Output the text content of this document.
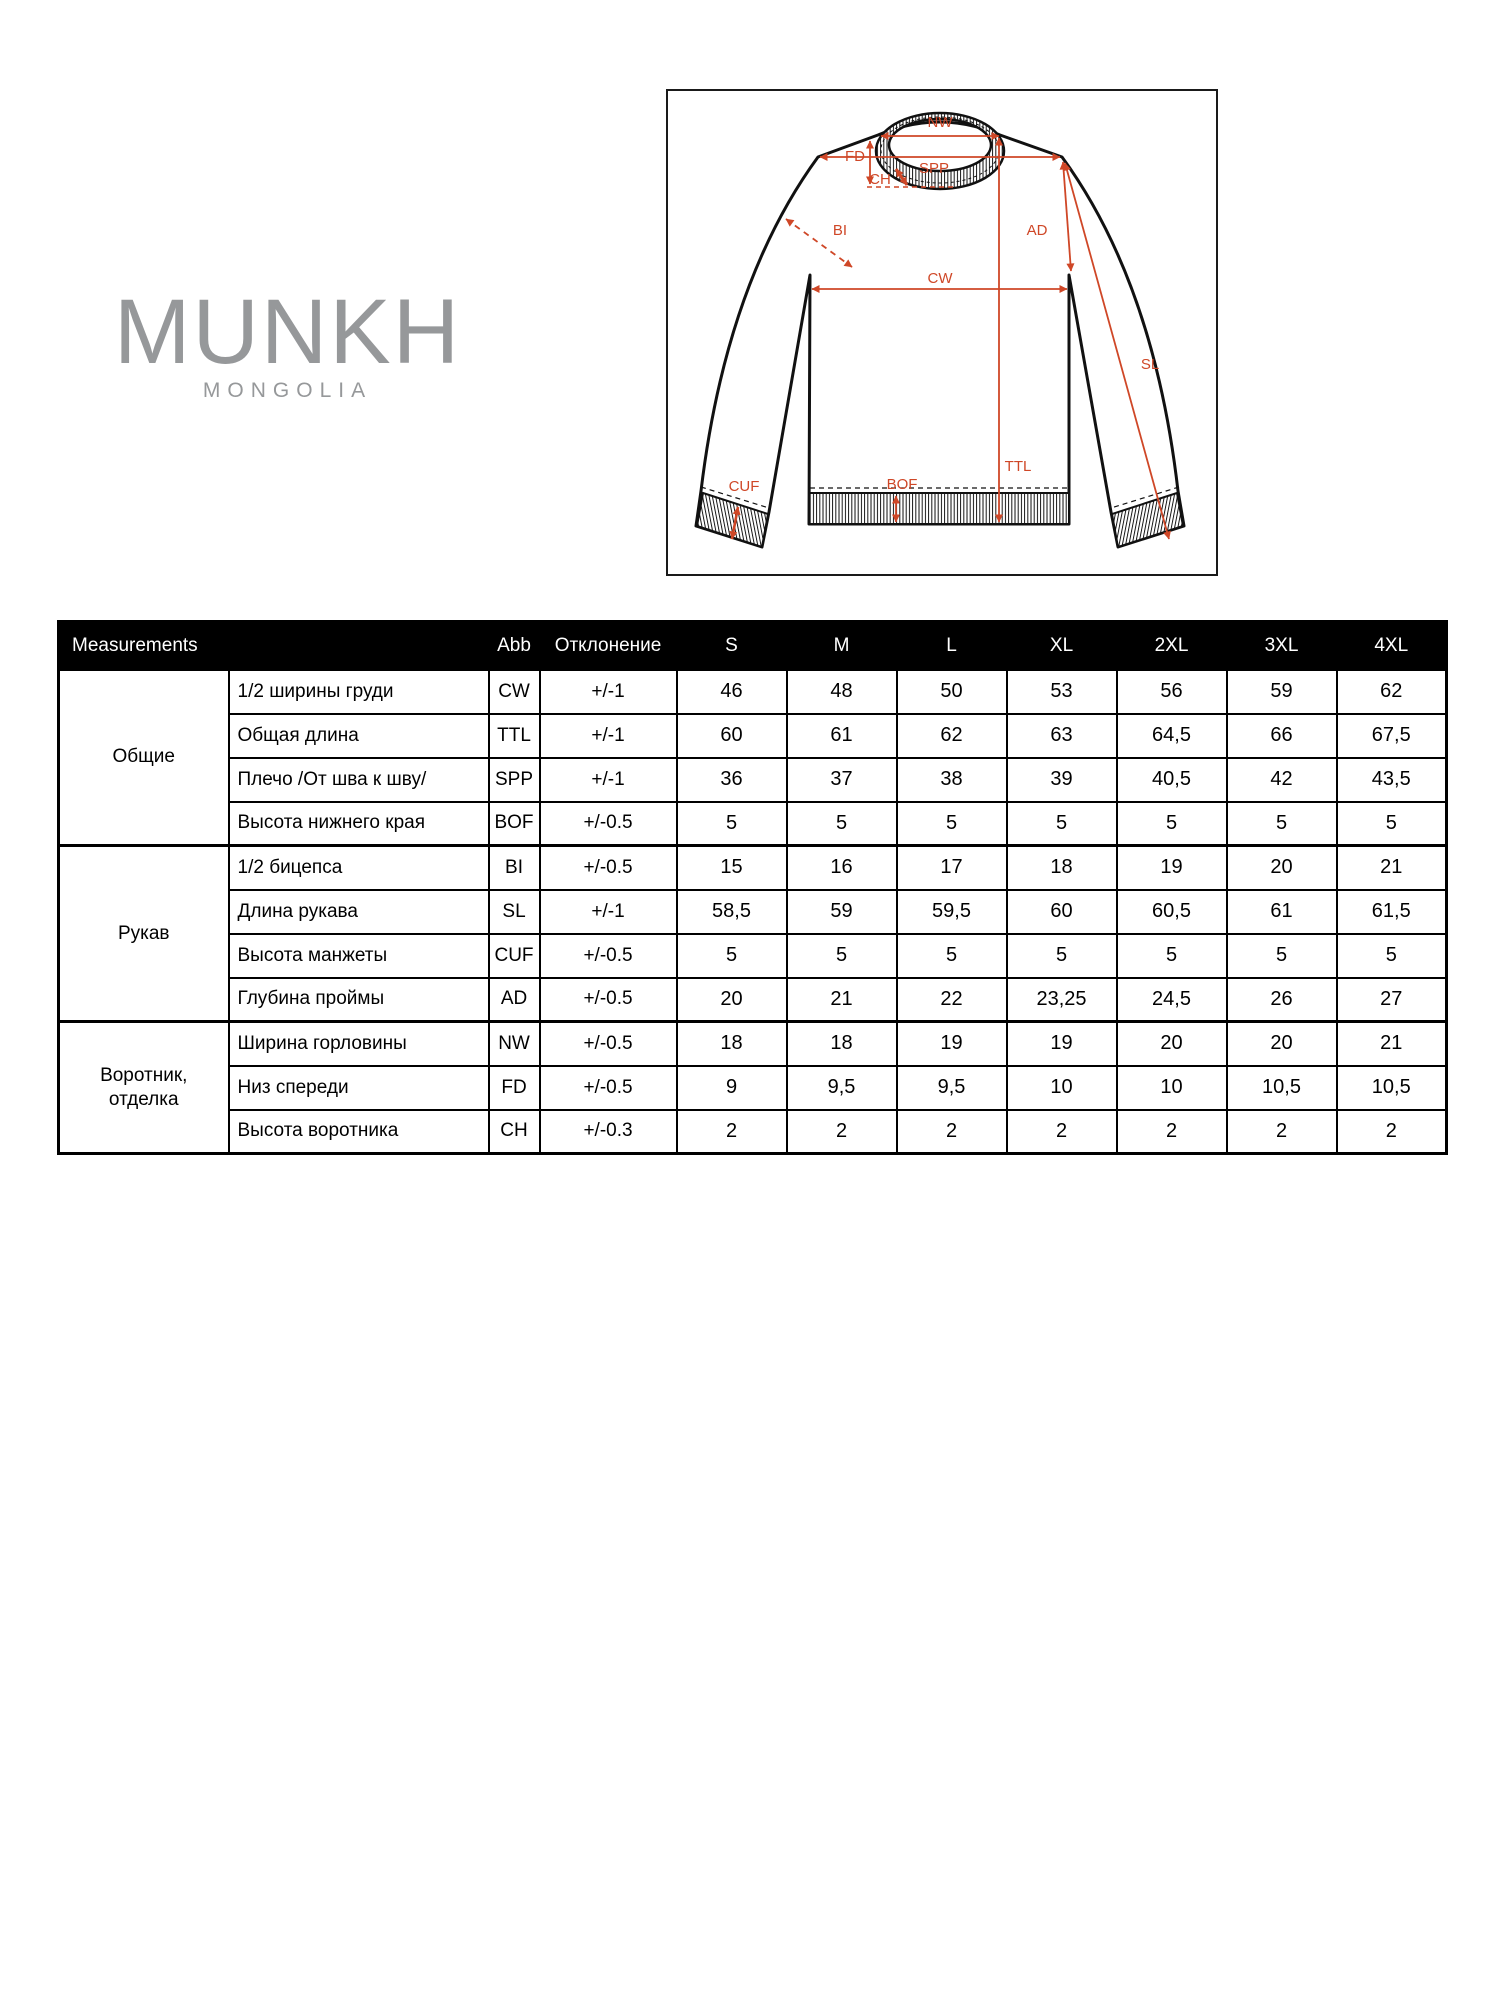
MUNKH
MONGOLIA
NW
FD
SPP
CH
BI	AD
CW
SL
TTL
BOF
CUF
Measurements		Abb	Отклонение	S	M	L	XL	2XL	3XL	4XL
Общие	1/2 ширины груди	CW	+/-1	46	48	50	53	56	59	62
	Общая длина	TTL	+/-1	60	61	62	63	64,5	66	67,5
	Плечо /От шва к шву/	SPP	+/-1	36	37	38	39	40,5	42	43,5
	Высота нижнего края	BOF	+/-0.5	5	5	5	5	5	5	5
Рукав	1/2 бицепса	BI	+/-0.5	15	16	17	18	19	20	21
	Длина рукава	SL	+/-1	58,5	59	59,5	60	60,5	61	61,5
	Высота манжеты	CUF	+/-0.5	5	5	5	5	5	5	5
	Глубина проймы	AD	+/-0.5	20	21	22	23,25	24,5	26	27
Воротник, отделка	Ширина горловины	NW	+/-0.5	18	18	19	19	20	20	21
	Низ спереди	FD	+/-0.5	9	9,5	9,5	10	10	10,5	10,5
	Высота воротника	CH	+/-0.3	2	2	2	2	2	2	2
